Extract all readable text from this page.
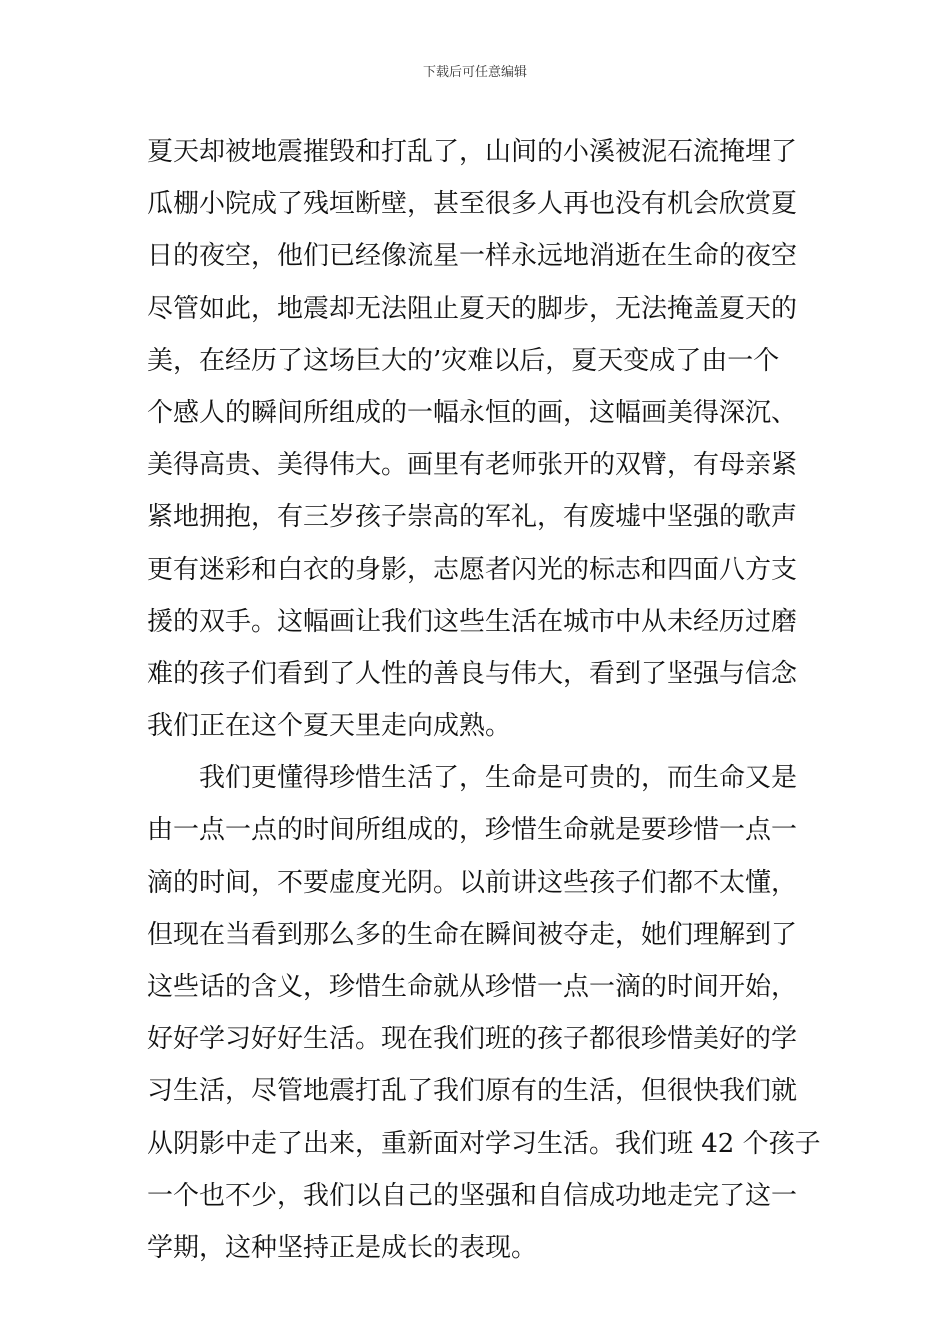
下载后可任意编辑
夏天却被地震摧毁和打乱了，山间的小溪被泥石流掩埋了
瓜棚小院成了残垣断壁，甚至很多人再也没有机会欣赏夏
日的夜空，他们已经像流星一样永远地消逝在生命的夜空
尽管如此，地震却无法阻止夏天的脚步，无法掩盖夏天的
美，在经历了这场巨大的’灾难以后，夏天变成了由一个
个感人的瞬间所组成的一幅永恒的画，这幅画美得深沉、
美得高贵、美得伟大。画里有老师张开的双臂，有母亲紧
紧地拥抱，有三岁孩子崇高的军礼，有废墟中坚强的歌声
更有迷彩和白衣的身影，志愿者闪光的标志和四面八方支
援的双手。这幅画让我们这些生活在城市中从未经历过磨
难的孩子们看到了人性的善良与伟大，看到了坚强与信念
我们正在这个夏天里走向成熟。
我们更懂得珍惜生活了，生命是可贵的，而生命又是
由一点一点的时间所组成的，珍惜生命就是要珍惜一点一
滴的时间，不要虚度光阴。以前讲这些孩子们都不太懂，
但现在当看到那么多的生命在瞬间被夺走，她们理解到了
这些话的含义，珍惜生命就从珍惜一点一滴的时间开始，
好好学习好好生活。现在我们班的孩子都很珍惜美好的学
习生活，尽管地震打乱了我们原有的生活，但很快我们就
从阴影中走了出来，重新面对学习生活。我们班 42 个孩子
一个也不少，我们以自己的坚强和自信成功地走完了这一
学期，这种坚持正是成长的表现。
